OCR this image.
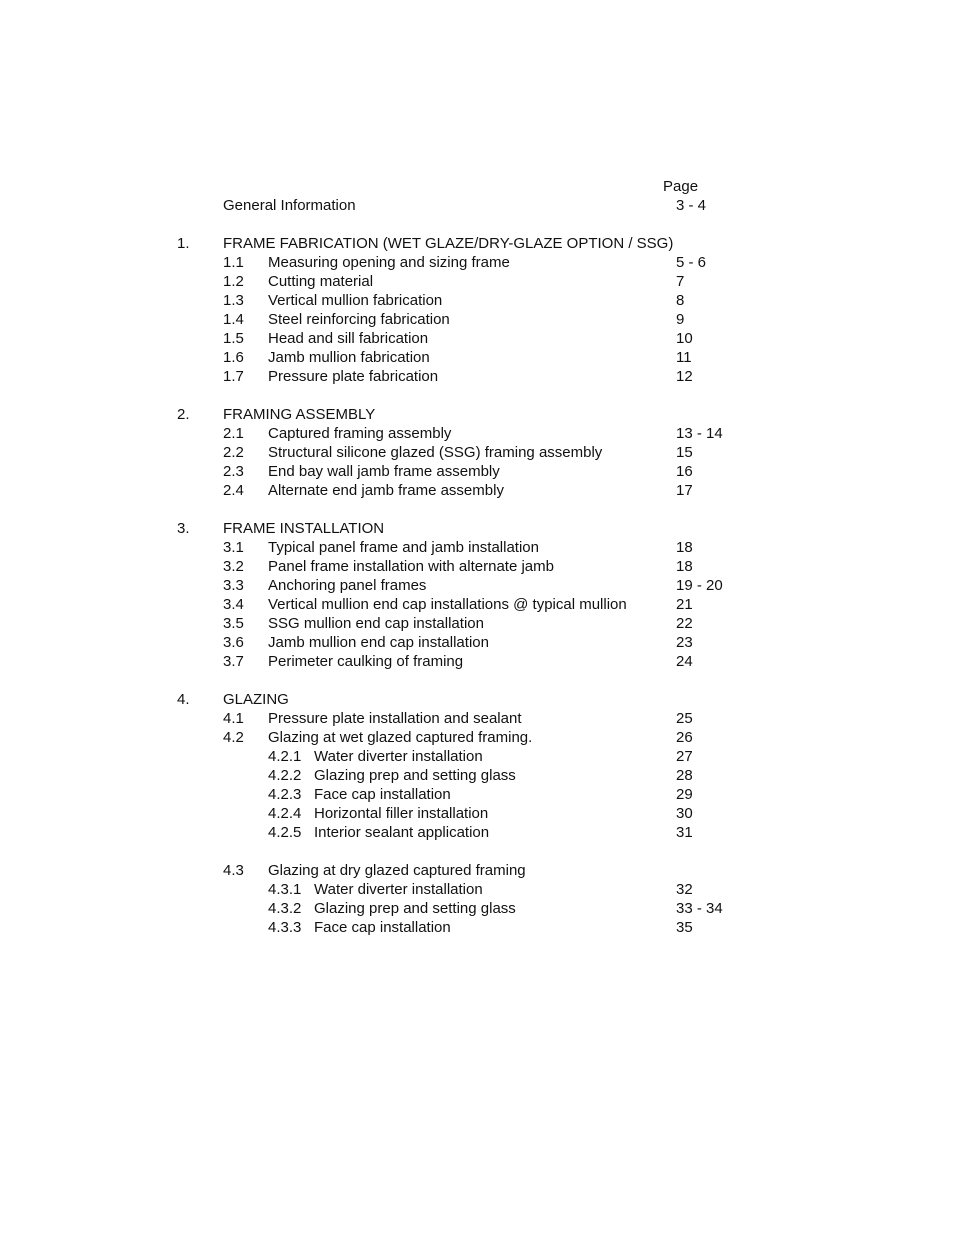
Page
General Information	3 - 4
1. FRAME FABRICATION (WET GLAZE/DRY-GLAZE OPTION / SSG)
1.1 Measuring opening and sizing frame	5 - 6
1.2 Cutting material	7
1.3 Vertical mullion fabrication	8
1.4 Steel reinforcing fabrication	9
1.5 Head and sill fabrication	10
1.6 Jamb mullion fabrication	11
1.7 Pressure plate fabrication	12
2. FRAMING ASSEMBLY
2.1 Captured framing assembly	13 - 14
2.2 Structural silicone glazed (SSG) framing assembly	15
2.3 End bay wall jamb frame assembly	16
2.4 Alternate end jamb frame assembly	17
3. FRAME INSTALLATION
3.1 Typical panel frame and jamb installation	18
3.2 Panel frame installation with alternate jamb	18
3.3 Anchoring panel frames	19 - 20
3.4 Vertical mullion end cap installations @ typical mullion	21
3.5 SSG mullion end cap installation	22
3.6 Jamb mullion end cap installation	23
3.7 Perimeter caulking of framing	24
4. GLAZING
4.1 Pressure plate installation and sealant	25
4.2 Glazing at wet glazed captured framing.	26
4.2.1 Water diverter installation	27
4.2.2 Glazing prep and setting glass	28
4.2.3 Face cap installation	29
4.2.4 Horizontal filler installation	30
4.2.5 Interior sealant application	31
4.3 Glazing at dry glazed captured framing
4.3.1 Water diverter installation	32
4.3.2 Glazing prep and setting glass	33 - 34
4.3.3 Face cap installation	35
